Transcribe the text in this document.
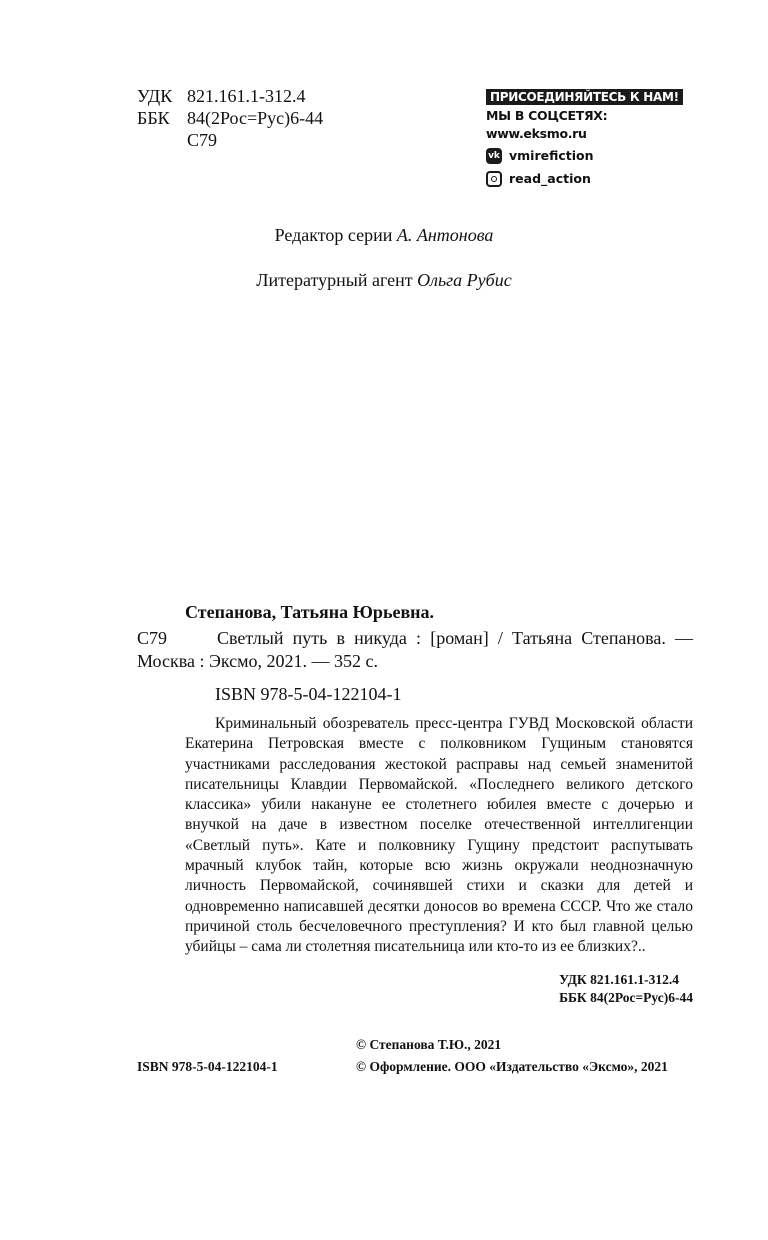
УДК 821.161.1-312.4
ББК 84(2Рос=Рус)6-44
С79
ПРИСОЕДИНЯЙТЕСЬ К НАМ!
МЫ В СОЦСЕТЯХ:
www.eksmo.ru
vk vmirefiction
read_action
Редактор серии А. Антонова
Литературный агент Ольга Рубис
Степанова, Татьяна Юрьевна.
С79	Светлый путь в никуда : [роман] / Татьяна Степанова. — Москва : Эксмо, 2021. — 352 с.
ISBN 978-5-04-122104-1
Криминальный обозреватель пресс-центра ГУВД Московской области Екатерина Петровская вместе с полковником Гущиным становятся участниками расследования жестокой расправы над семьей знаменитой писательницы Клавдии Первомайской. «Последнего великого детского классика» убили накануне ее столетнего юбилея вместе с дочерью и внучкой на даче в известном поселке отечественной интеллигенции «Светлый путь». Кате и полковнику Гущину предстоит распутывать мрачный клубок тайн, которые всю жизнь окружали неоднозначную личность Первомайской, сочинявшей стихи и сказки для детей и одновременно написавшей десятки доносов во времена СССР. Что же стало причиной столь бесчеловечного преступления? И кто был главной целью убийцы – сама ли столетняя писательница или кто-то из ее близких?..
УДК 821.161.1-312.4
ББК 84(2Рос=Рус)6-44
© Степанова Т.Ю., 2021
© Оформление. ООО «Издательство «Эксмо», 2021
ISBN 978-5-04-122104-1
